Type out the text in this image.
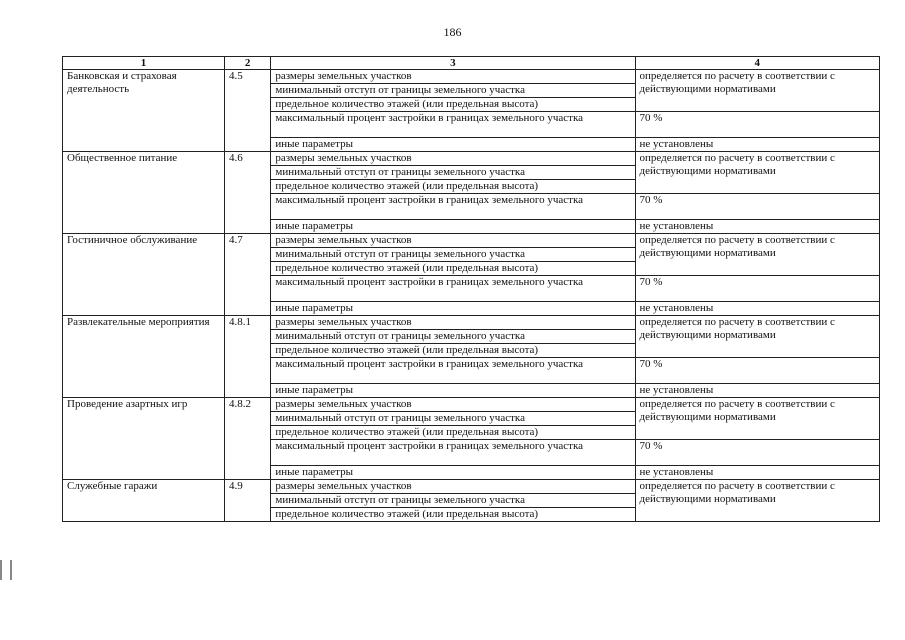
186
1	2	3	4
Банковская и страховая деятельность	4.5	размеры земельных участков	определяется по расчету в соответствии с действующими нормативами
		минимальный отступ от границы земельного участка	
		предельное количество этажей (или предельная высота)	
		максимальный процент застройки в границах земельного участка	70 %
		иные параметры	не установлены
Общественное питание	4.6	размеры земельных участков	определяется по расчету в соответствии с действующими нормативами
		минимальный отступ от границы земельного участка	
		предельное количество этажей (или предельная высота)	
		максимальный процент застройки в границах земельного участка	70 %
		иные параметры	не установлены
Гостиничное обслуживание	4.7	размеры земельных участков	определяется по расчету в соответствии с действующими нормативами
		минимальный отступ от границы земельного участка	
		предельное количество этажей (или предельная высота)	
		максимальный процент застройки в границах земельного участка	70 %
		иные параметры	не установлены
Развлекательные мероприятия	4.8.1	размеры земельных участков	определяется по расчету в соответствии с действующими нормативами
		минимальный отступ от границы земельного участка	
		предельное количество этажей (или предельная высота)	
		максимальный процент застройки в границах земельного участка	70 %
		иные параметры	не установлены
Проведение азартных игр	4.8.2	размеры земельных участков	определяется по расчету в соответствии с действующими нормативами
		минимальный отступ от границы земельного участка	
		предельное количество этажей (или предельная высота)	
		максимальный процент застройки в границах земельного участка	70 %
		иные параметры	не установлены
Служебные гаражи	4.9	размеры земельных участков	определяется по расчету в соответствии с действующими нормативами
		минимальный отступ от границы земельного участка	
		предельное количество этажей (или предельная высота)	
